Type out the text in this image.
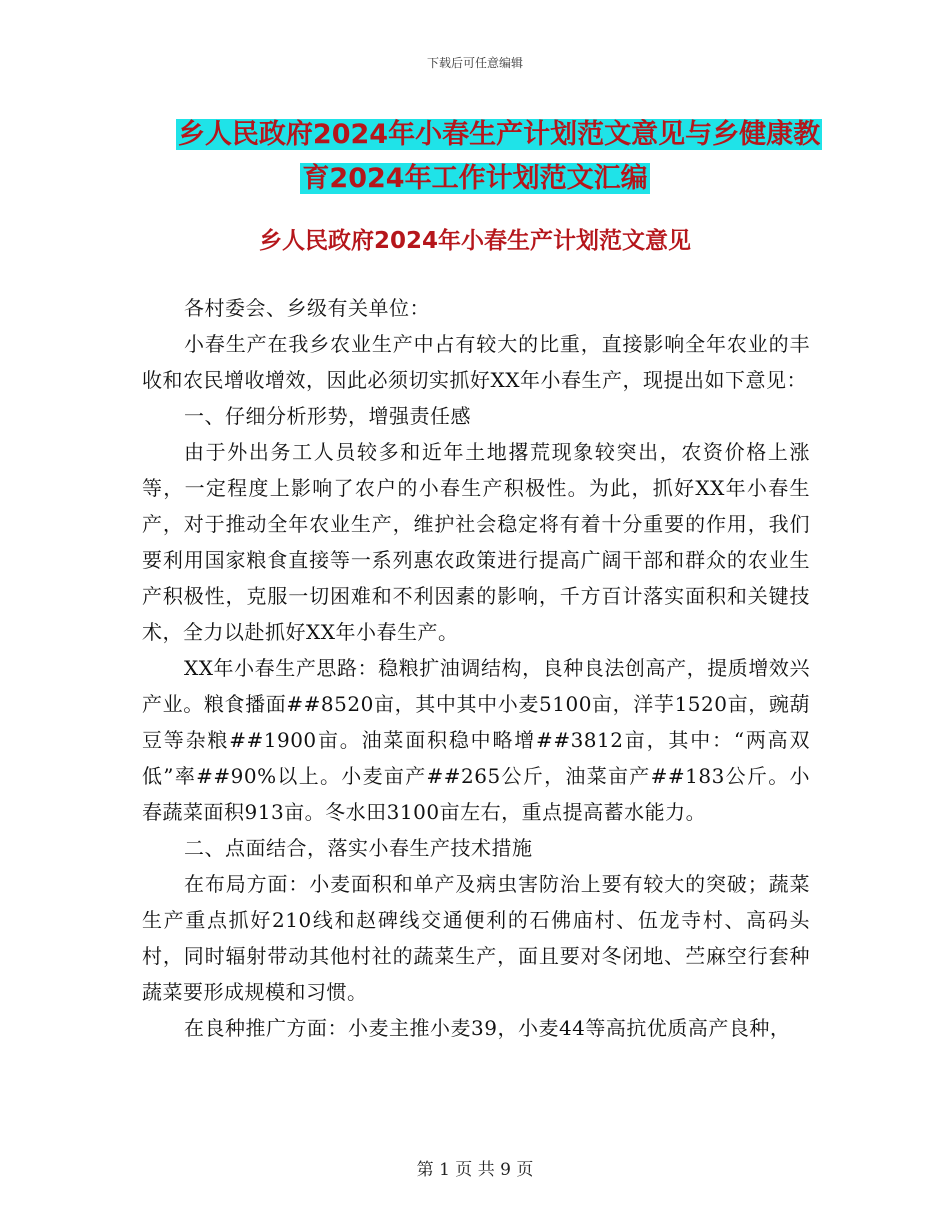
下载后可任意编辑
乡人民政府2024年小春生产计划范文意见与乡健康教
育2024年工作计划范文汇编
乡人民政府2024年小春生产计划范文意见

各村委会、乡级有关单位：

小春生产在我乡农业生产中占有较大的比重，直接影响全年农业的丰收和农民增收增效，因此必须切实抓好XX年小春生产，现提出如下意见：

一、仔细分析形势，增强责任感

由于外出务工人员较多和近年土地撂荒现象较突出，农资价格上涨等，一定程度上影响了农户的小春生产积极性。为此，抓好XX年小春生产，对于推动全年农业生产，维护社会稳定将有着十分重要的作用，我们要利用国家粮食直接等一系列惠农政策进行提高广阔干部和群众的农业生产积极性，克服一切困难和不利因素的影响，千方百计落实面积和关键技术，全力以赴抓好XX年小春生产。

XX年小春生产思路：稳粮扩油调结构，良种良法创高产，提质增效兴产业。粮食播面##8520亩，其中其中小麦5100亩，洋芋1520亩，豌葫豆等杂粮##1900亩。油菜面积稳中略增##3812亩，其中：“两高双低”率##90%以上。小麦亩产##265公斤，油菜亩产##183公斤。小春蔬菜面积913亩。冬水田3100亩左右，重点提高蓄水能力。

二、点面结合，落实小春生产技术措施

在布局方面：小麦面积和单产及病虫害防治上要有较大的突破；蔬菜生产重点抓好210线和赵碑线交通便利的石佛庙村、伍龙寺村、高码头村，同时辐射带动其他村社的蔬菜生产，面且要对冬闭地、苎麻空行套种蔬菜要形成规模和习惯。

在良种推广方面：小麦主推小麦39，小麦44等高抗优质高产良种，

第 1 页 共 9 页
